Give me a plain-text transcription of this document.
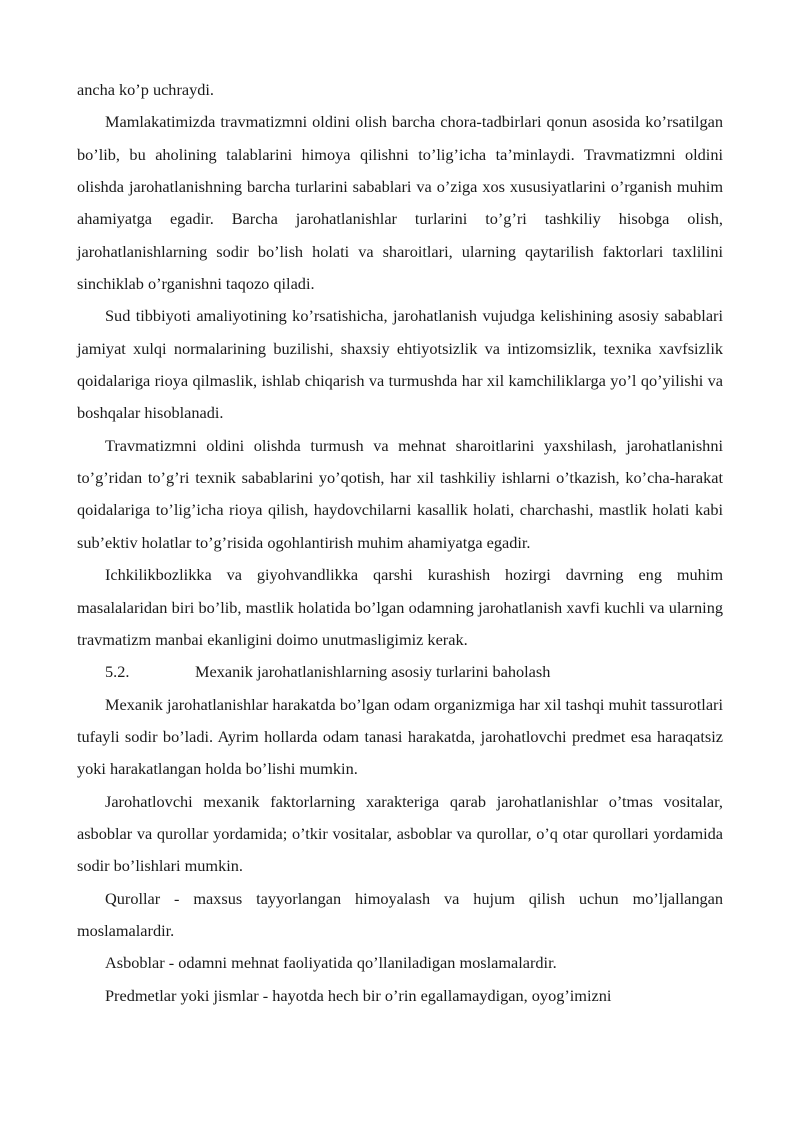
ancha ko’p uchraydi.

Mamlakatimizda travmatizmni oldini olish barcha chora-tadbirlari qonun asosida ko’rsatilgan bo’lib, bu aholining talablarini himoya qilishni to’lig’icha ta’minlaydi. Travmatizmni oldini olishda jarohatlanishning barcha turlarini sabablari va o’ziga xos xususiyatlarini o’rganish muhim ahamiyatga egadir. Barcha jarohatlanishlar turlarini to’g’ri tashkiliy hisobga olish, jarohatlanishlarning sodir bo’lish holati va sharoitlari, ularning qaytarilish faktorlari taxlilini sinchiklab o’rganishni taqozo qiladi.

Sud tibbiyoti amaliyotining ko’rsatishicha, jarohatlanish vujudga kelishining asosiy sabablari jamiyat xulqi normalarining buzilishi, shaxsiy ehtiyotsizlik va intizomsizlik, texnika xavfsizlik qoidalariga rioya qilmaslik, ishlab chiqarish va turmushda har xil kamchiliklarga yo’l qo’yilishi va boshqalar hisoblanadi.

Travmatizmni oldini olishda turmush va mehnat sharoitlarini yaxshilash, jarohatlanishni to’g’ridan to’g’ri texnik sabablarini yo’qotish, har xil tashkiliy ishlarni o’tkazish, ko’cha-harakat qoidalariga to’lig’icha rioya qilish, haydovchilarni kasallik holati, charchashi, mastlik holati kabi sub’ektiv holatlar to’g’risida ogohlantirish muhim ahamiyatga egadir.

Ichkilikbozlikka va giyohvandlikka qarshi kurashish hozirgi davrning eng muhim masalalaridan biri bo’lib, mastlik holatida bo’lgan odamning jarohatlanish xavfi kuchli va ularning travmatizm manbai ekanligini doimo unutmasligimiz kerak.

5.2.	Mexanik jarohatlanishlarning asosiy turlarini baholash

Mexanik jarohatlanishlar harakatda bo’lgan odam organizmiga har xil tashqi muhit tassurotlari tufayli sodir bo’ladi. Ayrim hollarda odam tanasi harakatda, jarohatlovchi predmet esa haraqatsiz yoki harakatlangan holda bo’lishi mumkin.

Jarohatlovchi mexanik faktorlarning xarakteriga qarab jarohatlanishlar o’tmas vositalar, asboblar va qurollar yordamida; o’tkir vositalar, asboblar va qurollar, o’q otar qurollari yordamida sodir bo’lishlari mumkin.

Qurollar - maxsus tayyorlangan himoyalash va hujum qilish uchun mo’ljallangan moslamalardir.

Asboblar - odamni mehnat faoliyatida qo’llaniladigan moslamalardir.

Predmetlar yoki jismlar - hayotda hech bir o’rin egallamaydigan, oyog’imizni
